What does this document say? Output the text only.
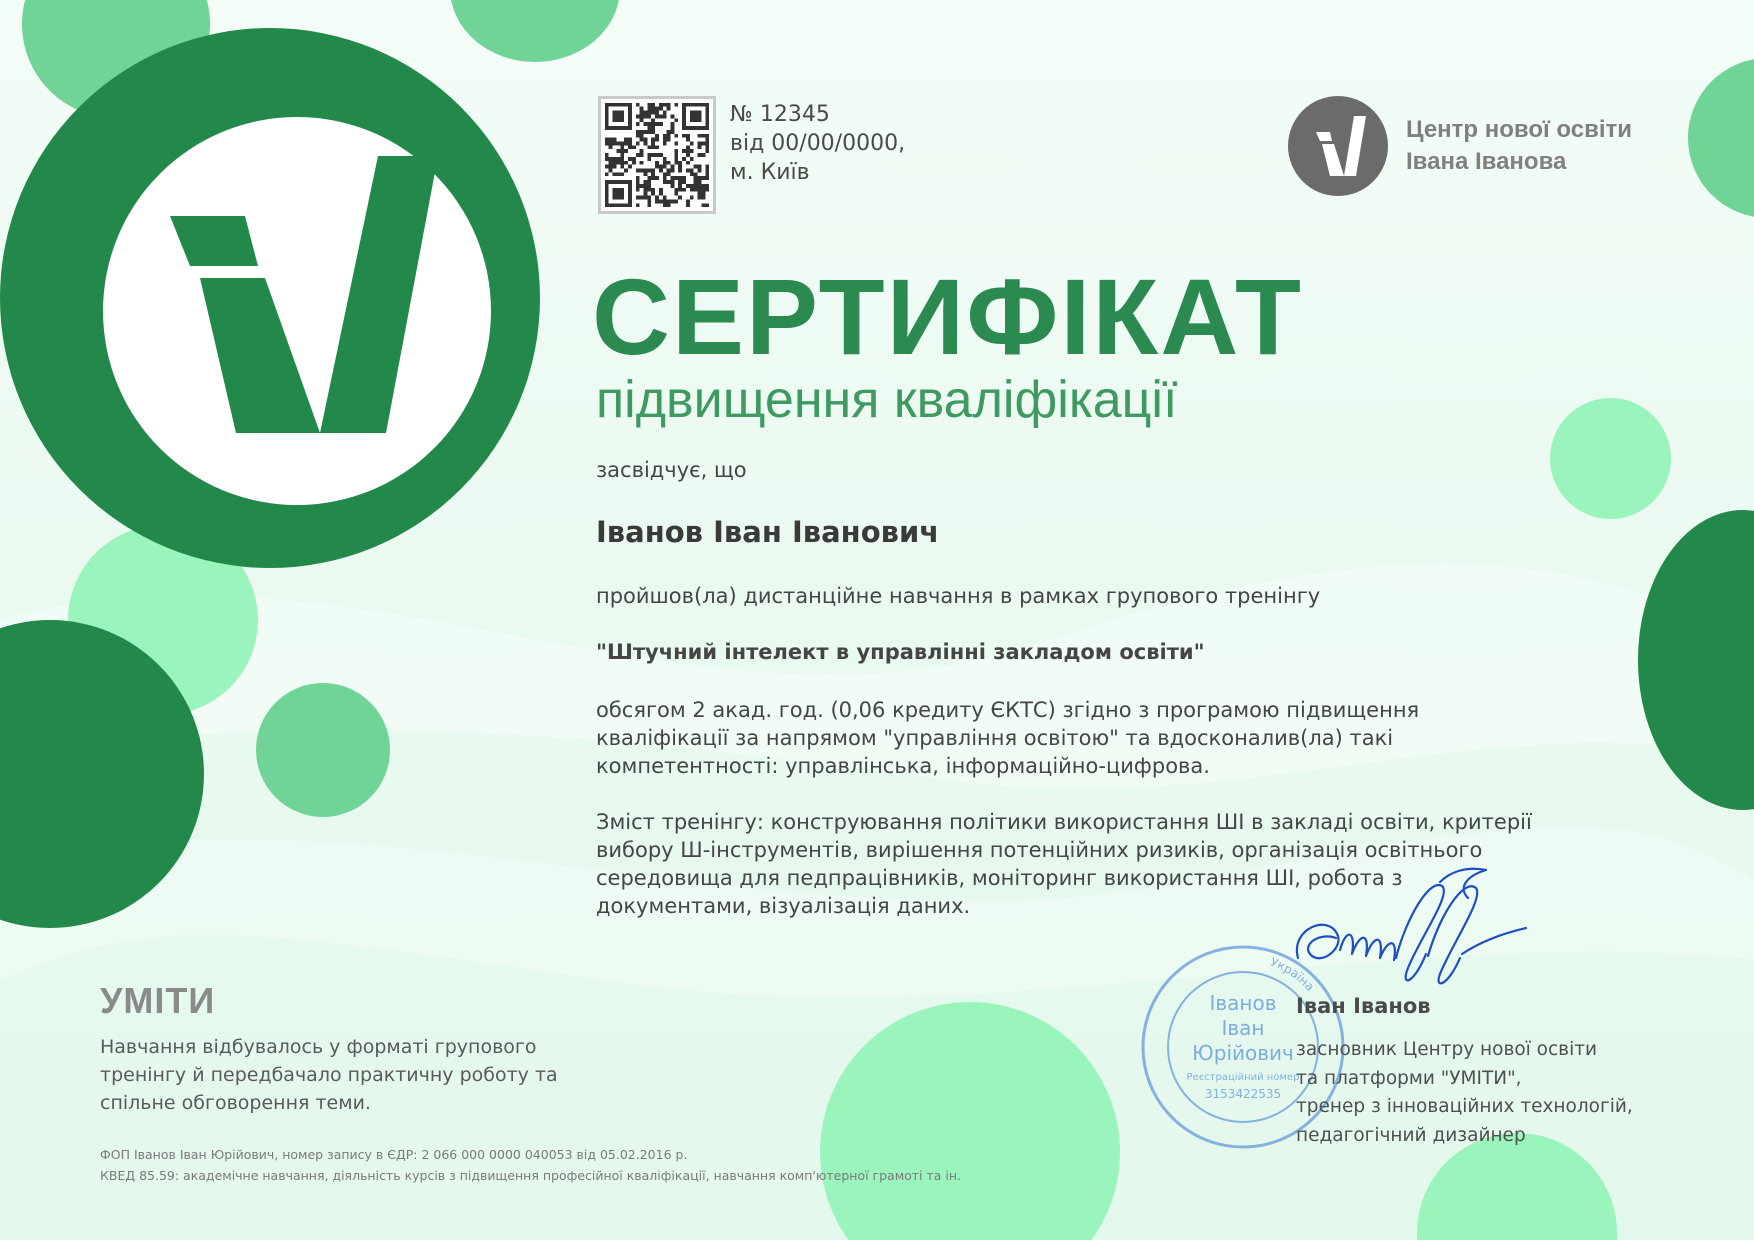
№ 12345
від 00/00/0000,
м. Київ
Центр нової освіти
Івана Іванова
СЕРТИФІКАТ
підвищення кваліфікації
засвідчує, що
Іванов Іван Іванович
пройшов(ла) дистанційне навчання в рамках групового тренінгу
"Штучний інтелект в управлінні закладом освіти"
обсягом 2 акад. год. (0,06 кредиту ЄКТС) згідно з програмою підвищення кваліфікації за напрямом "управління освітою" та вдосконалив(ла) такі компетентності: управлінська, інформаційно-цифрова.
Зміст тренінгу: конструювання політики використання ШІ в закладі освіти, критерії вибору Ш-інструментів, вирішення потенційних ризиків, організація освітнього середовища для педпрацівників, моніторинг використання ШІ, робота з документами, візуалізація даних.
УМІТИ
Навчання відбувалось у форматі групового тренінгу й передбачало практичну роботу та спільне обговорення теми.
ФОП Іванов Іван Юрійович, номер запису в ЄДР: 2 066 000 0000 040053 від 05.02.2016 р.
КВЕД 85.59: академічне навчання, діяльність курсів з підвищення професійної кваліфікації, навчання комп'ютерної грамоті та ін.
Україна
Іванов
Іван
Юрійович
Реєстраційний номер
3153422535
Іван Іванов
засновник Центру нової освіти
та платформи "УМІТИ",
тренер з інноваційних технологій,
педагогічний дизайнер
